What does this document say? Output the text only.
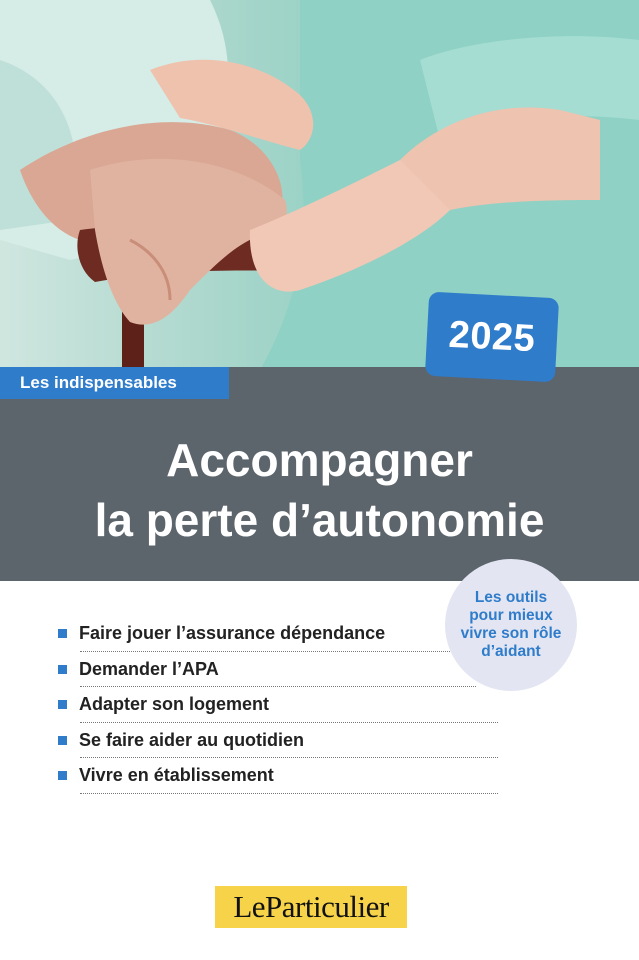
2025
Les indispensables
Accompagner
la perte d’autonomie
Faire jouer l’assurance dépendance
Demander l’APA
Adapter son logement
Se faire aider au quotidien
Vivre en établissement
Les outils
pour mieux
vivre son rôle
d’aidant
LeParticulier
